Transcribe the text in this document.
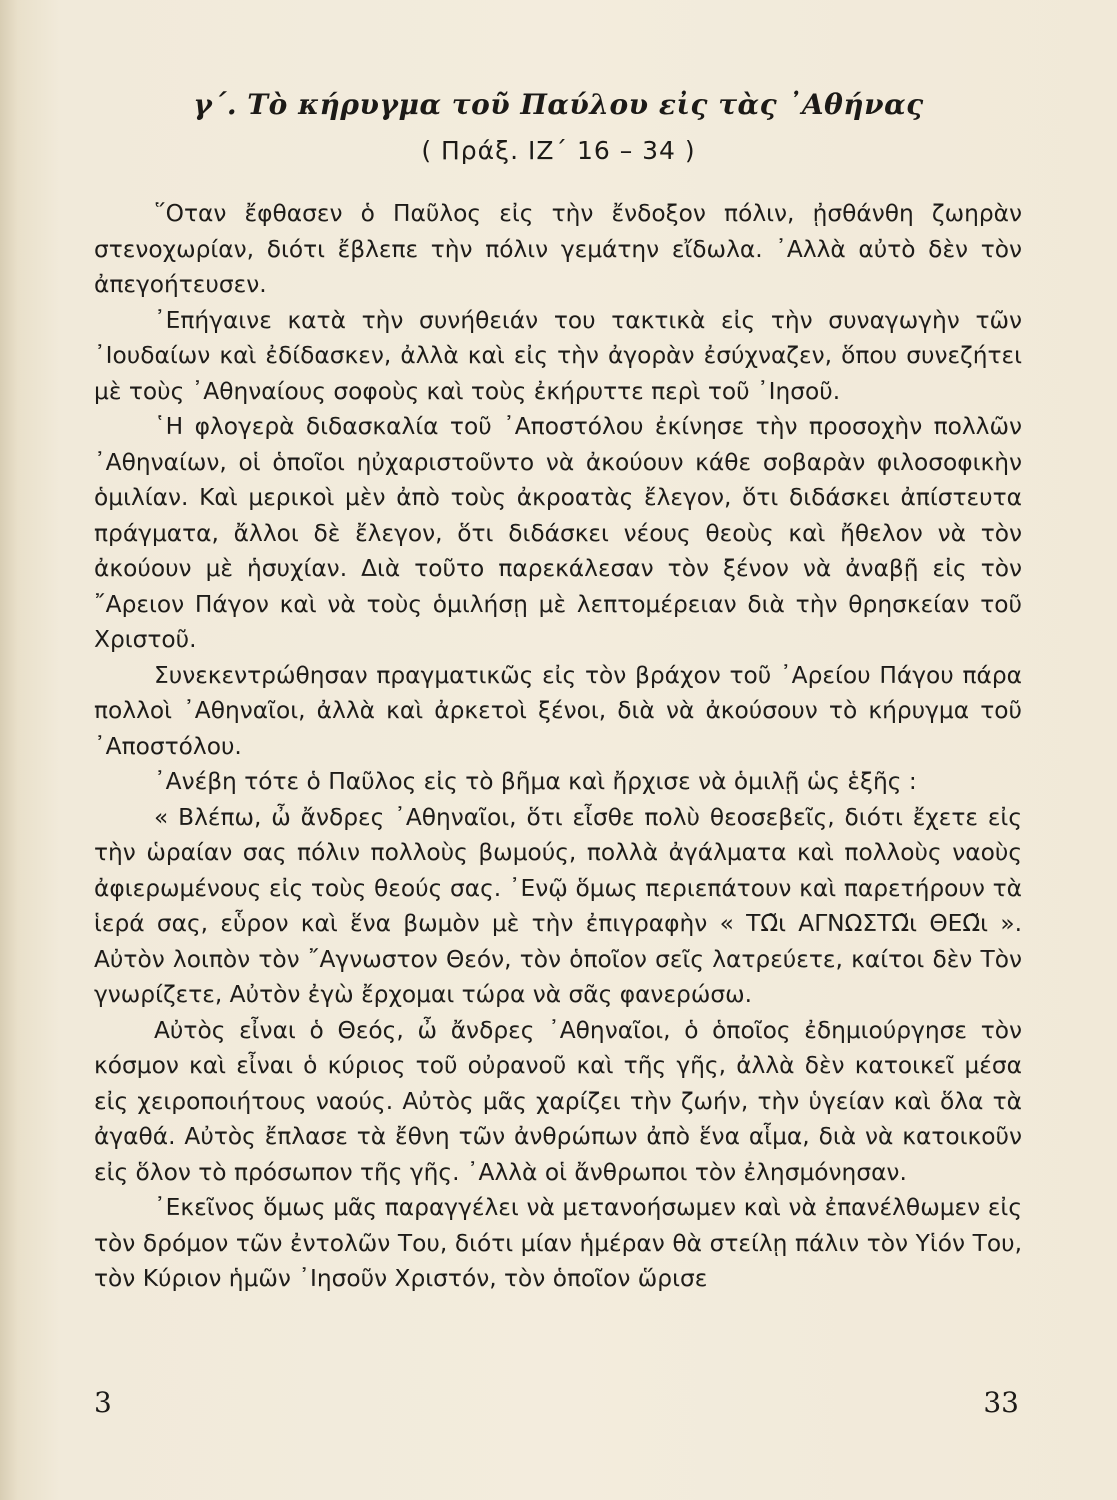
γ΄. Τὸ κήρυγμα τοῦ Παύλου εἰς τὰς ᾿Αθήνας
( Πράξ. ΙΖ΄ 16 – 34 )

῞Οταν ἔφθασεν ὁ Παῦλος εἰς τὴν ἔνδοξον πόλιν, ᾐσθάνθη ζωηρὰν στενοχωρίαν, διότι ἔβλεπε τὴν πόλιν γεμάτην εἴδωλα. ᾿Αλλὰ αὐτὸ δὲν τὸν ἀπεγοήτευσεν.

᾿Επήγαινε κατὰ τὴν συνήθειάν του τακτικὰ εἰς τὴν συναγωγὴν τῶν ᾿Ιουδαίων καὶ ἐδίδασκεν, ἀλλὰ καὶ εἰς τὴν ἀγορὰν ἐσύχναζεν, ὅπου συνεζήτει μὲ τοὺς ᾿Αθηναίους σοφοὺς καὶ τοὺς ἐκήρυττε περὶ τοῦ ᾿Ιησοῦ.

῾Η φλογερὰ διδασκαλία τοῦ ᾿Αποστόλου ἐκίνησε τὴν προσοχὴν πολλῶν ᾿Αθηναίων, οἱ ὁποῖοι ηὐχαριστοῦντο νὰ ἀκούουν κάθε σοβαρὰν φιλοσοφικὴν ὁμιλίαν. Καὶ μερικοὶ μὲν ἀπὸ τοὺς ἀκροατὰς ἔλεγον, ὅτι διδάσκει ἀπίστευτα πράγματα, ἄλλοι δὲ ἔλεγον, ὅτι διδάσκει νέους θεοὺς καὶ ἤθελον νὰ τὸν ἀκούουν μὲ ἡσυχίαν. Διὰ τοῦτο παρεκάλεσαν τὸν ξένον νὰ ἀναβῇ εἰς τὸν ῎Αρειον Πάγον καὶ νὰ τοὺς ὁμιλήσῃ μὲ λεπτομέρειαν διὰ τὴν θρησκείαν τοῦ Χριστοῦ.

Συνεκεντρώθησαν πραγματικῶς εἰς τὸν βράχον τοῦ ᾿Αρείου Πάγου πάρα πολλοὶ ᾿Αθηναῖοι, ἀλλὰ καὶ ἀρκετοὶ ξένοι, διὰ νὰ ἀκούσουν τὸ κήρυγμα τοῦ ᾿Αποστόλου.

᾿Ανέβη τότε ὁ Παῦλος εἰς τὸ βῆμα καὶ ἤρχισε νὰ ὁμιλῇ ὡς ἑξῆς :

« Βλέπω, ὦ ἄνδρες ᾿Αθηναῖοι, ὅτι εἶσθε πολὺ θεοσεβεῖς, διότι ἔχετε εἰς τὴν ὡραίαν σας πόλιν πολλοὺς βωμούς, πολλὰ ἀγάλματα καὶ πολλοὺς ναοὺς ἀφιερωμένους εἰς τοὺς θεούς σας. ᾿Ενῷ ὅμως περιεπάτουν καὶ παρετήρουν τὰ ἱερά σας, εὗρον καὶ ἕνα βωμὸν μὲ τὴν ἐπιγραφὴν « ΤΩ͂ι ΑΓΝΩΣΤΩ͂ι ΘΕΩ͂ι ». Αὐτὸν λοιπὸν τὸν ῎Αγνωστον Θεόν, τὸν ὁποῖον σεῖς λατρεύετε, καίτοι δὲν Τὸν γνωρίζετε, Αὐτὸν ἐγὼ ἔρχομαι τώρα νὰ σᾶς φανερώσω.

Αὐτὸς εἶναι ὁ Θεός, ὦ ἄνδρες ᾿Αθηναῖοι, ὁ ὁποῖος ἐδημιούργησε τὸν κόσμον καὶ εἶναι ὁ κύριος τοῦ οὐρανοῦ καὶ τῆς γῆς, ἀλλὰ δὲν κατοικεῖ μέσα εἰς χειροποιήτους ναούς. Αὐτὸς μᾶς χαρίζει τὴν ζωήν, τὴν ὑγείαν καὶ ὅλα τὰ ἀγαθά. Αὐτὸς ἔπλασε τὰ ἔθνη τῶν ἀνθρώπων ἀπὸ ἕνα αἷμα, διὰ νὰ κατοικοῦν εἰς ὅλον τὸ πρόσωπον τῆς γῆς. ᾿Αλλὰ οἱ ἄνθρωποι τὸν ἐλησμόνησαν.

᾿Εκεῖνος ὅμως μᾶς παραγγέλει νὰ μετανοήσωμεν καὶ νὰ ἐπανέλθωμεν εἰς τὸν δρόμον τῶν ἐντολῶν Του, διότι μίαν ἡμέραν θὰ στείλῃ πάλιν τὸν Υἱόν Του, τὸν Κύριον ἡμῶν ᾿Ιησοῦν Χριστόν, τὸν ὁποῖον ὥρισε

3	33
